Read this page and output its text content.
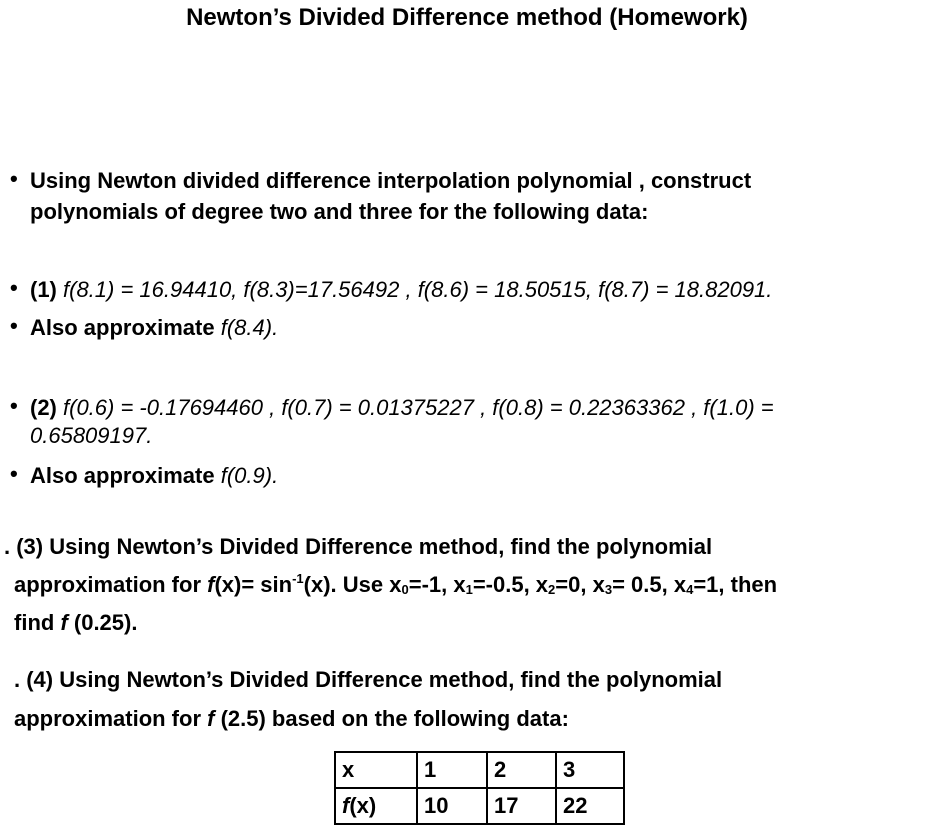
Newton’s Divided Difference method (Homework)
• Using Newton divided difference interpolation polynomial , construct
polynomials of degree two and three for the following data:
• (1) f(8.1) = 16.94410, f(8.3)=17.56492 , f(8.6) = 18.50515, f(8.7) = 18.82091.
• Also approximate f(8.4).
• (2) f(0.6) = -0.17694460 , f(0.7) = 0.01375227 , f(0.8) = 0.22363362 , f(1.0) =
0.65809197.
• Also approximate f(0.9).
. (3) Using Newton’s Divided Difference method, find the polynomial
approximation for $f(x)= \sin^{-1}(x)$. Use $x_0=-1$, $x_1=-0.5$, $x_2=0$, $x_3= 0.5$, $x_4=1$, then
find f (0.25).
. (4) Using Newton’s Divided Difference method, find the polynomial
approximation for f (2.5) based on the following data:
x	1	2	3
f(x)	10	17	22
